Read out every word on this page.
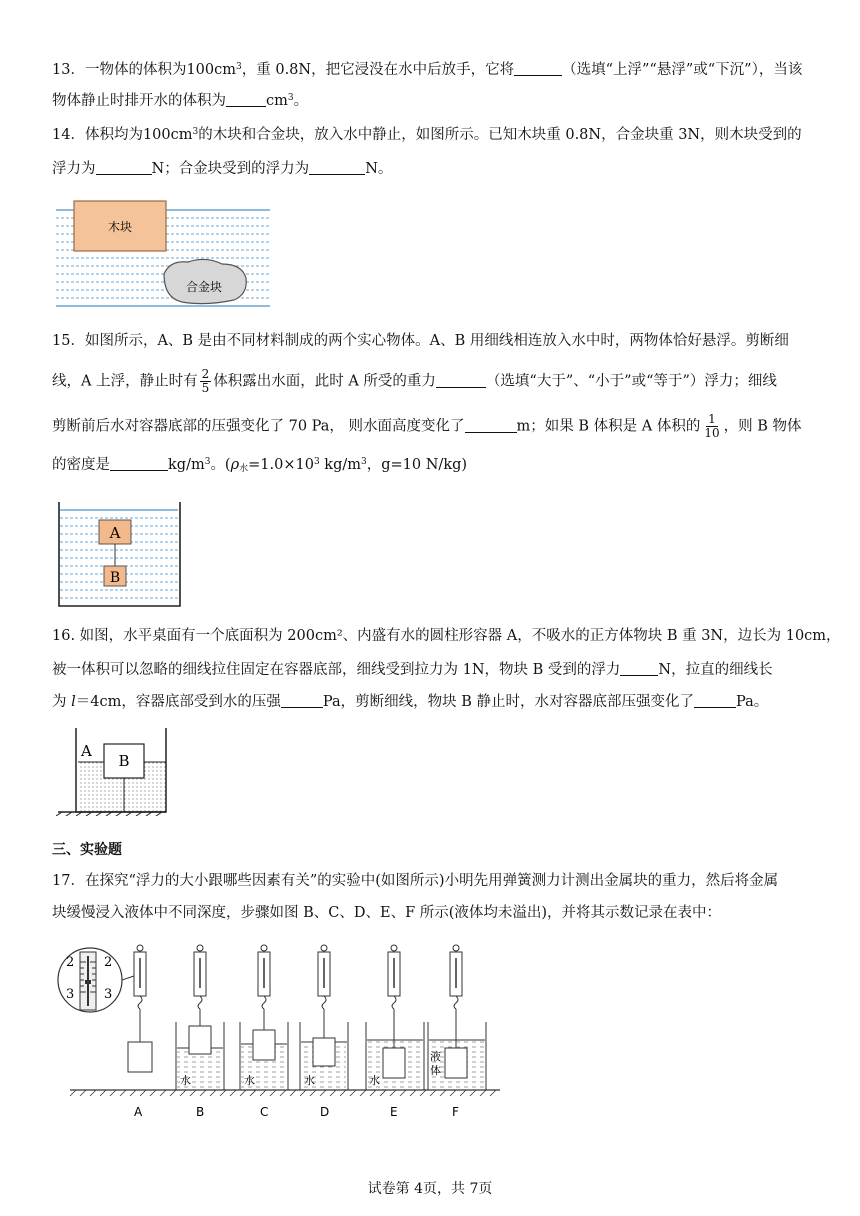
13．一物体的体积为$100cm^3$，重 0.8N，把它浸没在水中后放手，它将	（选填“上浮”“悬浮”或“下沉”），当该
物体静止时排开水的体积为	$cm^3$。
14．体积均为$100cm^3$的木块和合金块，放入水中静止，如图所示。已知木块重 0.8N，合金块重 3N，则木块受到的
浮力为	N；合金块受到的浮力为	N。
木块
合金块
15．如图所示，A、B 是由不同材料制成的两个实心物体。A、B 用细线相连放入水中时，两物体恰好悬浮。剪断细
线，A 上浮，静止时有 $\frac{2}{5}$ 体积露出水面，此时 A 所受的重力	（选填“大于”、“小于”或“等于”）浮力；细线
剪断前后水对容器底部的压强变化了 70 Pa， 则水面高度变化了	m；如果 B 体积是 A 体积的 $\frac{1}{10}$ ，则 B 物体
的密度是	$kg/m^3$。($\rho_水=1.0\times 10^3$ $kg/m^3$，g=10 N/kg)
A
B
16. 如图，水平桌面有一个底面积为 200cm²、内盛有水的圆柱形容器 A，不吸水的正方体物块 B 重 3N，边长为 10cm，
被一体积可以忽略的细线拉住固定在容器底部，细线受到拉力为 1N，物块 B 受到的浮力	N，拉直的细线长
为 l＝4cm，容器底部受到水的压强	Pa，剪断细线，物块 B 静止时，水对容器底部压强变化了	Pa。
A
B
三、实验题
17．在探究“浮力的大小跟哪些因素有关”的实验中(如图所示)小明先用弹簧测力计测出金属块的重力，然后将金属
块缓慢浸入液体中不同深度，步骤如图 B、C、D、E、F 所示(液体均未溢出)，并将其示数记录在表中：
2 2
3 3
水	水	水	水
液
体
A	B	C	D	E	F
试卷第 4页，共 7页
